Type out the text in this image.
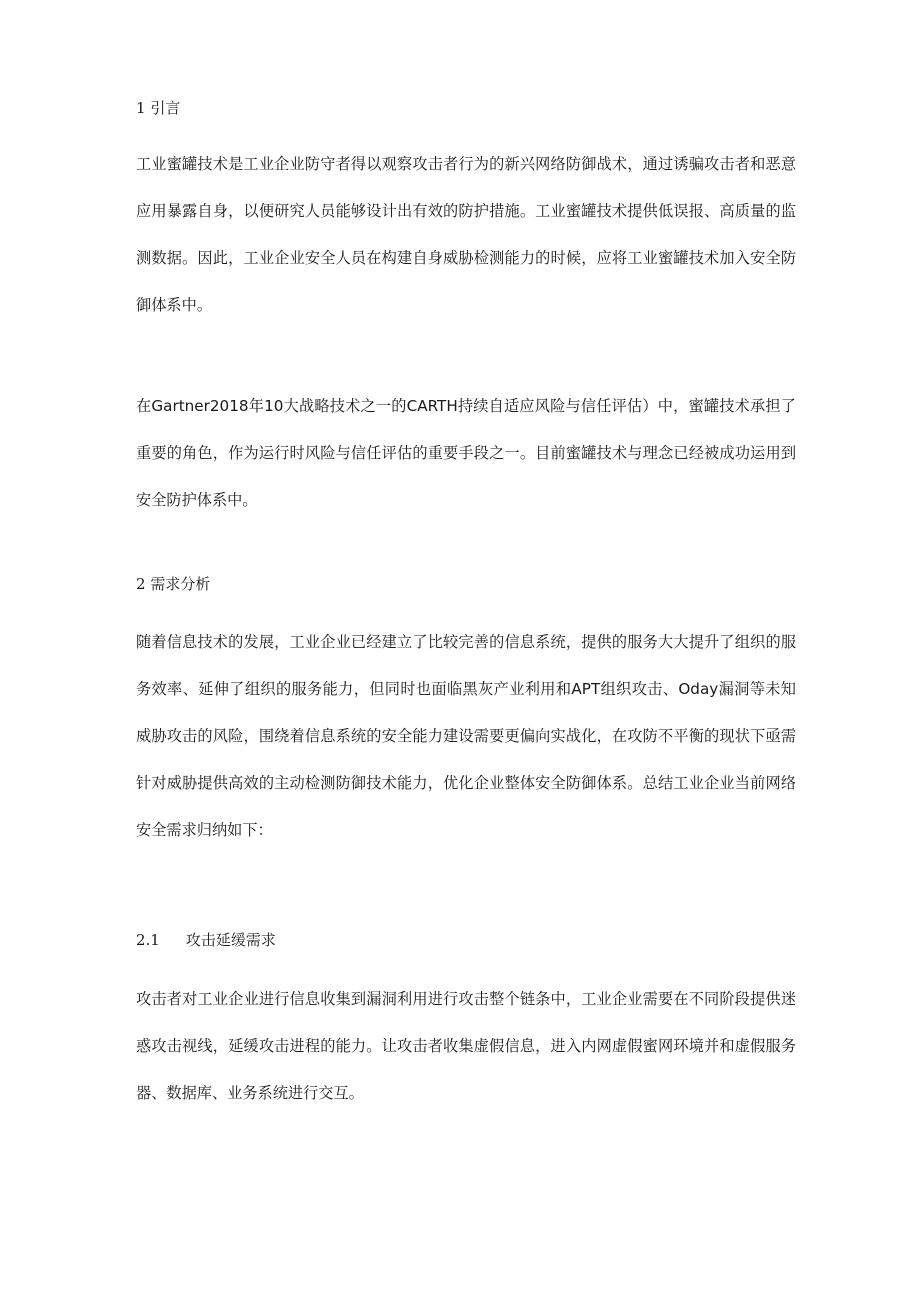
1 引言

工业蜜罐技术是工业企业防守者得以观察攻击者行为的新兴网络防御战术，通过诱骗攻击者和恶意应用暴露自身，以便研究人员能够设计出有效的防护措施。工业蜜罐技术提供低误报、高质量的监测数据。因此，工业企业安全人员在构建自身威胁检测能力的时候，应将工业蜜罐技术加入安全防御体系中。

在Gartner2018年10大战略技术之一的CARTH持续自适应风险与信任评估）中，蜜罐技术承担了重要的角色，作为运行时风险与信任评估的重要手段之一。目前蜜罐技术与理念已经被成功运用到安全防护体系中。

2 需求分析

随着信息技术的发展，工业企业已经建立了比较完善的信息系统，提供的服务大大提升了组织的服务效率、延伸了组织的服务能力，但同时也面临黑灰产业利用和APT组织攻击、Oday漏洞等未知威胁攻击的风险，围绕着信息系统的安全能力建设需要更偏向实战化，在攻防不平衡的现状下亟需针对威胁提供高效的主动检测防御技术能力，优化企业整体安全防御体系。总结工业企业当前网络安全需求归纳如下：

2.1 攻击延缓需求

攻击者对工业企业进行信息收集到漏洞利用进行攻击整个链条中，工业企业需要在不同阶段提供迷惑攻击视线，延缓攻击进程的能力。让攻击者收集虚假信息，进入内网虚假蜜网环境并和虚假服务器、数据库、业务系统进行交互。
